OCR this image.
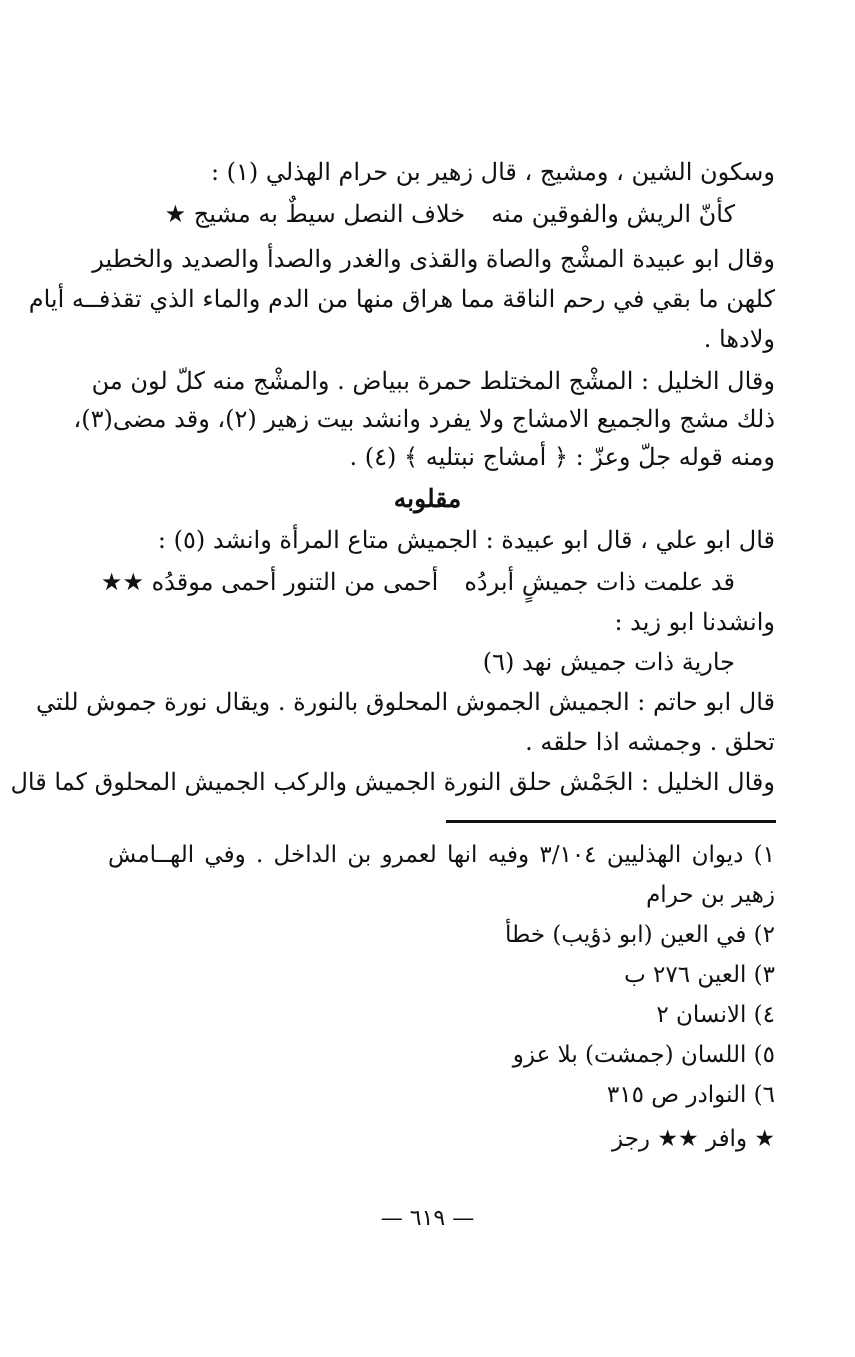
وسكون الشين ، ومشيج ، قال زهير بن حرام الهذلي (١) :
كأنّ الريش والفوقين منه
خلاف النصل سيطٌ به مشيج ★
وقال ابو عبيدة المشْج والصاة والقذى والغدر والصدأ والصديد والخطير
كلهن ما بقي في رحم الناقة مما هراق منها من الدم والماء الذي تقذفــه أيام
ولادها .
وقال الخليل : المشْج المختلط حمرة ببياض . والمشْج منه كلّ لون من
ذلك مشج والجميع الامشاج ولا يفرد وانشد بيت زهير (٢)، وقد مضى(٣)،
ومنه قوله جلّ وعزّ : ﴿ أمشاج نبتليه ﴾ (٤) .
مقلوبه
قال ابو علي ، قال ابو عبيدة : الجميش متاع المرأة وانشد (٥) :
قد علمت ذات جميشٍ أبردُه
أحمى من التنور أحمى موقدُه ★★
وانشدنا ابو زيد :
جارية ذات جميش نهد (٦)
قال ابو حاتم : الجميش الجموش المحلوق بالنورة . ويقال نورة جموش للتي
تحلق . وجمشه اذا حلقه .
وقال الخليل : الجَمْش حلق النورة الجميش والركب الجميش المحلوق كما قال
١) ديوان الهذليين ٣/١٠٤ وفيه انها لعمرو بن الداخل . وفي الهــامش
زهير بن حرام
٢) في العين (ابو ذؤيب) خطأ
٣) العين ٢٧٦ ب
٤) الانسان ٢
٥) اللسان (جمشت) بلا عزو
٦) النوادر ص ٣١٥
★ وافر ★★ رجز
— ٦١٩ —
